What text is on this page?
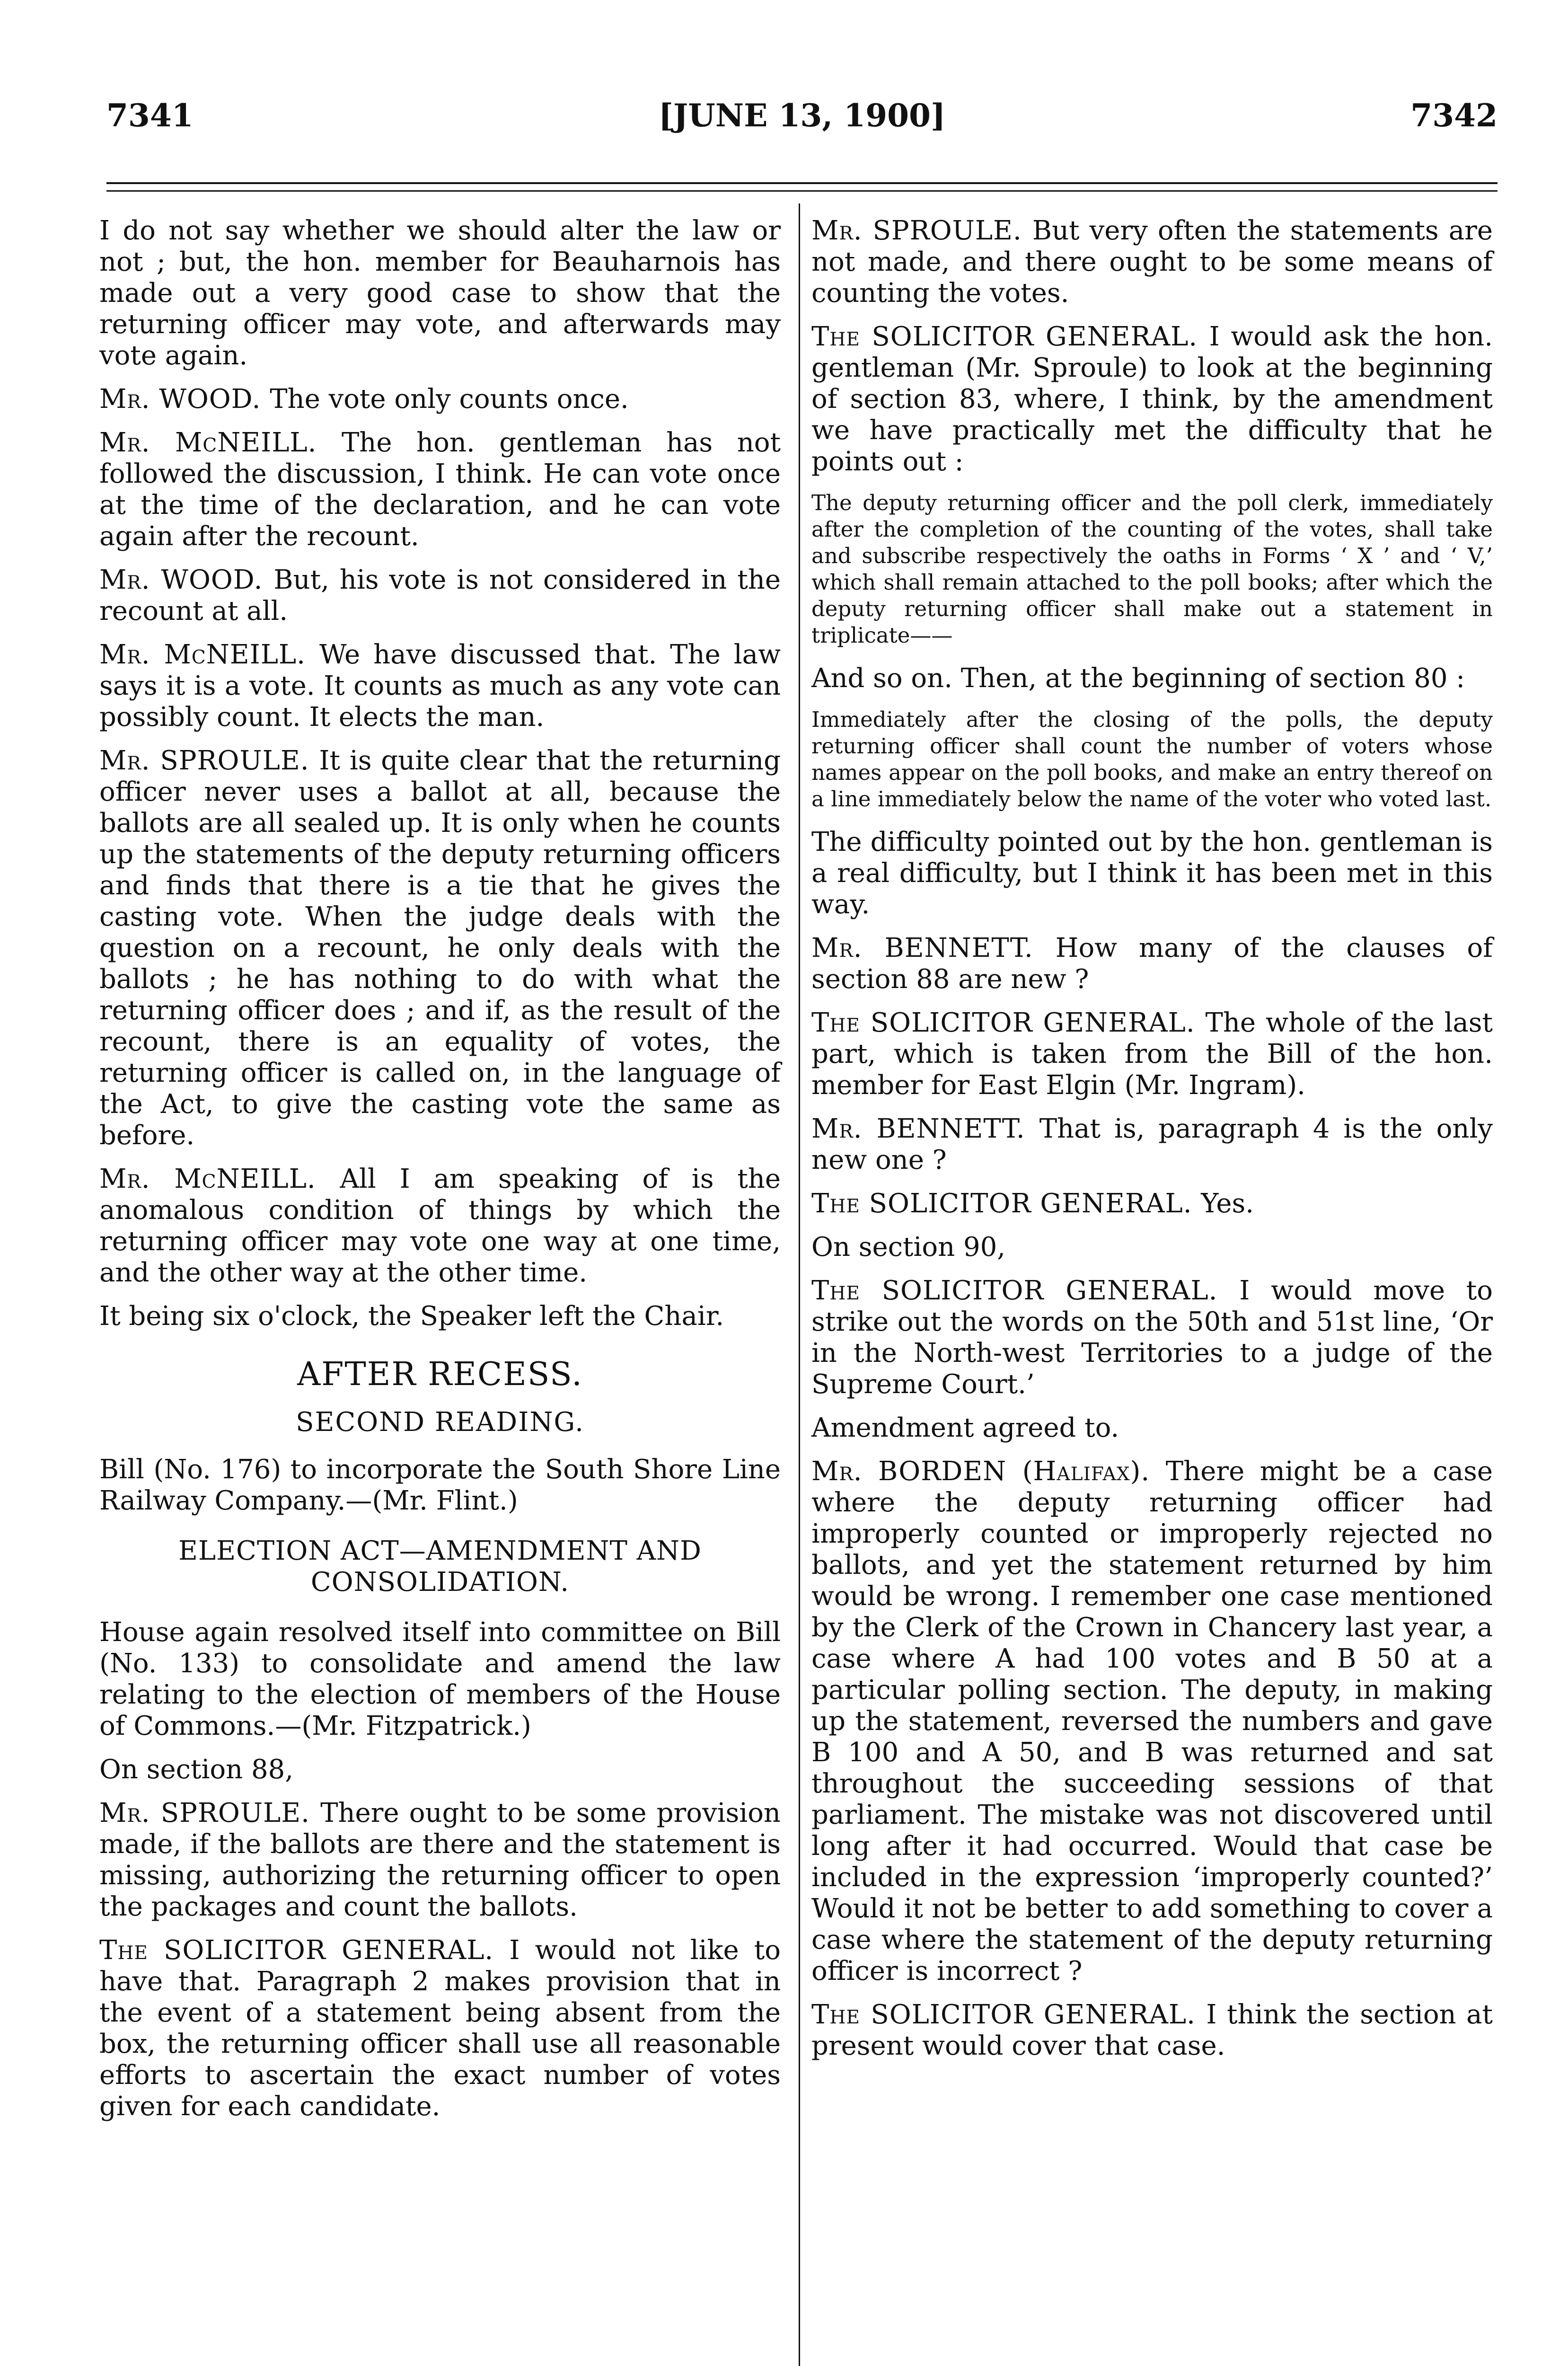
7341	[JUNE 13, 1900]	7342

I do not say whether we should alter the law or not ; but, the hon. member for Beauharnois has made out a very good case to show that the returning officer may vote, and afterwards may vote again.

Mr. WOOD. The vote only counts once.

Mr. McNEILL. The hon. gentleman has not followed the discussion, I think. He can vote once at the time of the declaration, and he can vote again after the recount.

Mr. WOOD. But, his vote is not considered in the recount at all.

Mr. McNEILL. We have discussed that. The law says it is a vote. It counts as much as any vote can possibly count. It elects the man.

Mr. SPROULE. It is quite clear that the returning officer never uses a ballot at all, because the ballots are all sealed up. It is only when he counts up the statements of the deputy returning officers and finds that there is a tie that he gives the casting vote. When the judge deals with the question on a recount, he only deals with the ballots ; he has nothing to do with what the returning officer does ; and if, as the result of the recount, there is an equality of votes, the returning officer is called on, in the language of the Act, to give the casting vote the same as before.

Mr. McNEILL. All I am speaking of is the anomalous condition of things by which the returning officer may vote one way at one time, and the other way at the other time.

It being six o'clock, the Speaker left the Chair.

AFTER RECESS.
SECOND READING.

Bill (No. 176) to incorporate the South Shore Line Railway Company.—(Mr. Flint.)

ELECTION ACT—AMENDMENT AND CONSOLIDATION.

House again resolved itself into committee on Bill (No. 133) to consolidate and amend the law relating to the election of members of the House of Commons.—(Mr. Fitzpatrick.)

On section 88,

Mr. SPROULE. There ought to be some provision made, if the ballots are there and the statement is missing, authorizing the returning officer to open the packages and count the ballots.

The SOLICITOR GENERAL. I would not like to have that. Paragraph 2 makes provision that in the event of a statement being absent from the box, the returning officer shall use all reasonable efforts to ascertain the exact number of votes given for each candidate.

Mr. SPROULE. But very often the statements are not made, and there ought to be some means of counting the votes.

The SOLICITOR GENERAL. I would ask the hon. gentleman (Mr. Sproule) to look at the beginning of section 83, where, I think, by the amendment we have practically met the difficulty that he points out :

The deputy returning officer and the poll clerk, immediately after the completion of the counting of the votes, shall take and subscribe respectively the oaths in Forms ‘ X ’ and ‘ V,’ which shall remain attached to the poll books; after which the deputy returning officer shall make out a statement in triplicate——

And so on. Then, at the beginning of section 80 :

Immediately after the closing of the polls, the deputy returning officer shall count the number of voters whose names appear on the poll books, and make an entry thereof on a line immediately below the name of the voter who voted last.

The difficulty pointed out by the hon. gentleman is a real difficulty, but I think it has been met in this way.

Mr. BENNETT. How many of the clauses of section 88 are new ?

The SOLICITOR GENERAL. The whole of the last part, which is taken from the Bill of the hon. member for East Elgin (Mr. Ingram).

Mr. BENNETT. That is, paragraph 4 is the only new one ?

The SOLICITOR GENERAL. Yes.

On section 90,

The SOLICITOR GENERAL. I would move to strike out the words on the 50th and 51st line, ‘Or in the North-west Territories to a judge of the Supreme Court.’

Amendment agreed to.

Mr. BORDEN (Halifax). There might be a case where the deputy returning officer had improperly counted or improperly rejected no ballots, and yet the statement returned by him would be wrong. I remember one case mentioned by the Clerk of the Crown in Chancery last year, a case where A had 100 votes and B 50 at a particular polling section. The deputy, in making up the statement, reversed the numbers and gave B 100 and A 50, and B was returned and sat throughout the succeeding sessions of that parliament. The mistake was not discovered until long after it had occurred. Would that case be included in the expression ‘improperly counted?’ Would it not be better to add something to cover a case where the statement of the deputy returning officer is incorrect ?

The SOLICITOR GENERAL. I think the section at present would cover that case.
